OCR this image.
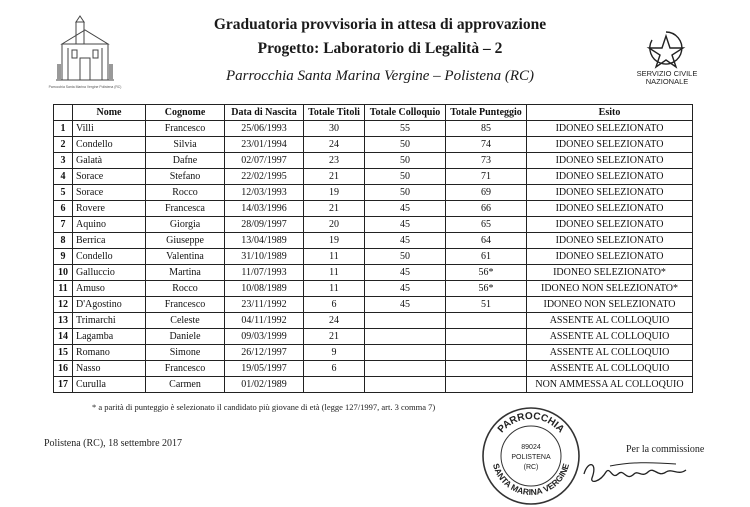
Parrocchia Santa Marina Vergine Polistena (RC)
SERVIZIO CIVILE NAZIONALE
Graduatoria provvisoria in attesa di approvazione
Progetto: Laboratorio di Legalità – 2
Parrocchia Santa Marina Vergine – Polistena (RC)
	Nome	Cognome	Data di Nascita	Totale Titoli	Totale Colloquio	Totale Punteggio	Esito
1	Villi	Francesco	25/06/1993	30	55	85	IDONEO SELEZIONATO
2	Condello	Silvia	23/01/1994	24	50	74	IDONEO SELEZIONATO
3	Galatà	Dafne	02/07/1997	23	50	73	IDONEO SELEZIONATO
4	Sorace	Stefano	22/02/1995	21	50	71	IDONEO SELEZIONATO
5	Sorace	Rocco	12/03/1993	19	50	69	IDONEO SELEZIONATO
6	Rovere	Francesca	14/03/1996	21	45	66	IDONEO SELEZIONATO
7	Aquino	Giorgia	28/09/1997	20	45	65	IDONEO SELEZIONATO
8	Berrica	Giuseppe	13/04/1989	19	45	64	IDONEO SELEZIONATO
9	Condello	Valentina	31/10/1989	11	50	61	IDONEO SELEZIONATO
10	Galluccio	Martina	11/07/1993	11	45	56*	IDONEO SELEZIONATO*
11	Amuso	Rocco	10/08/1989	11	45	56*	IDONEO NON SELEZIONATO*
12	D'Agostino	Francesco	23/11/1992	6	45	51	IDONEO NON SELEZIONATO
13	Trimarchi	Celeste	04/11/1992	24			ASSENTE AL COLLOQUIO
14	Lagamba	Daniele	09/03/1999	21			ASSENTE AL COLLOQUIO
15	Romano	Simone	26/12/1997	9			ASSENTE AL COLLOQUIO
16	Nasso	Francesco	19/05/1997	6			ASSENTE AL COLLOQUIO
17	Curulla	Carmen	01/02/1989				NON AMMESSA AL COLLOQUIO
* a parità di punteggio è selezionato il candidato più giovane di età (legge 127/1997, art. 3 comma 7)
Polistena (RC), 18 settembre 2017
PARROCCHIA
SANTA MARINA VERGINE
89024
POLISTENA
(RC)
Per la commissione
